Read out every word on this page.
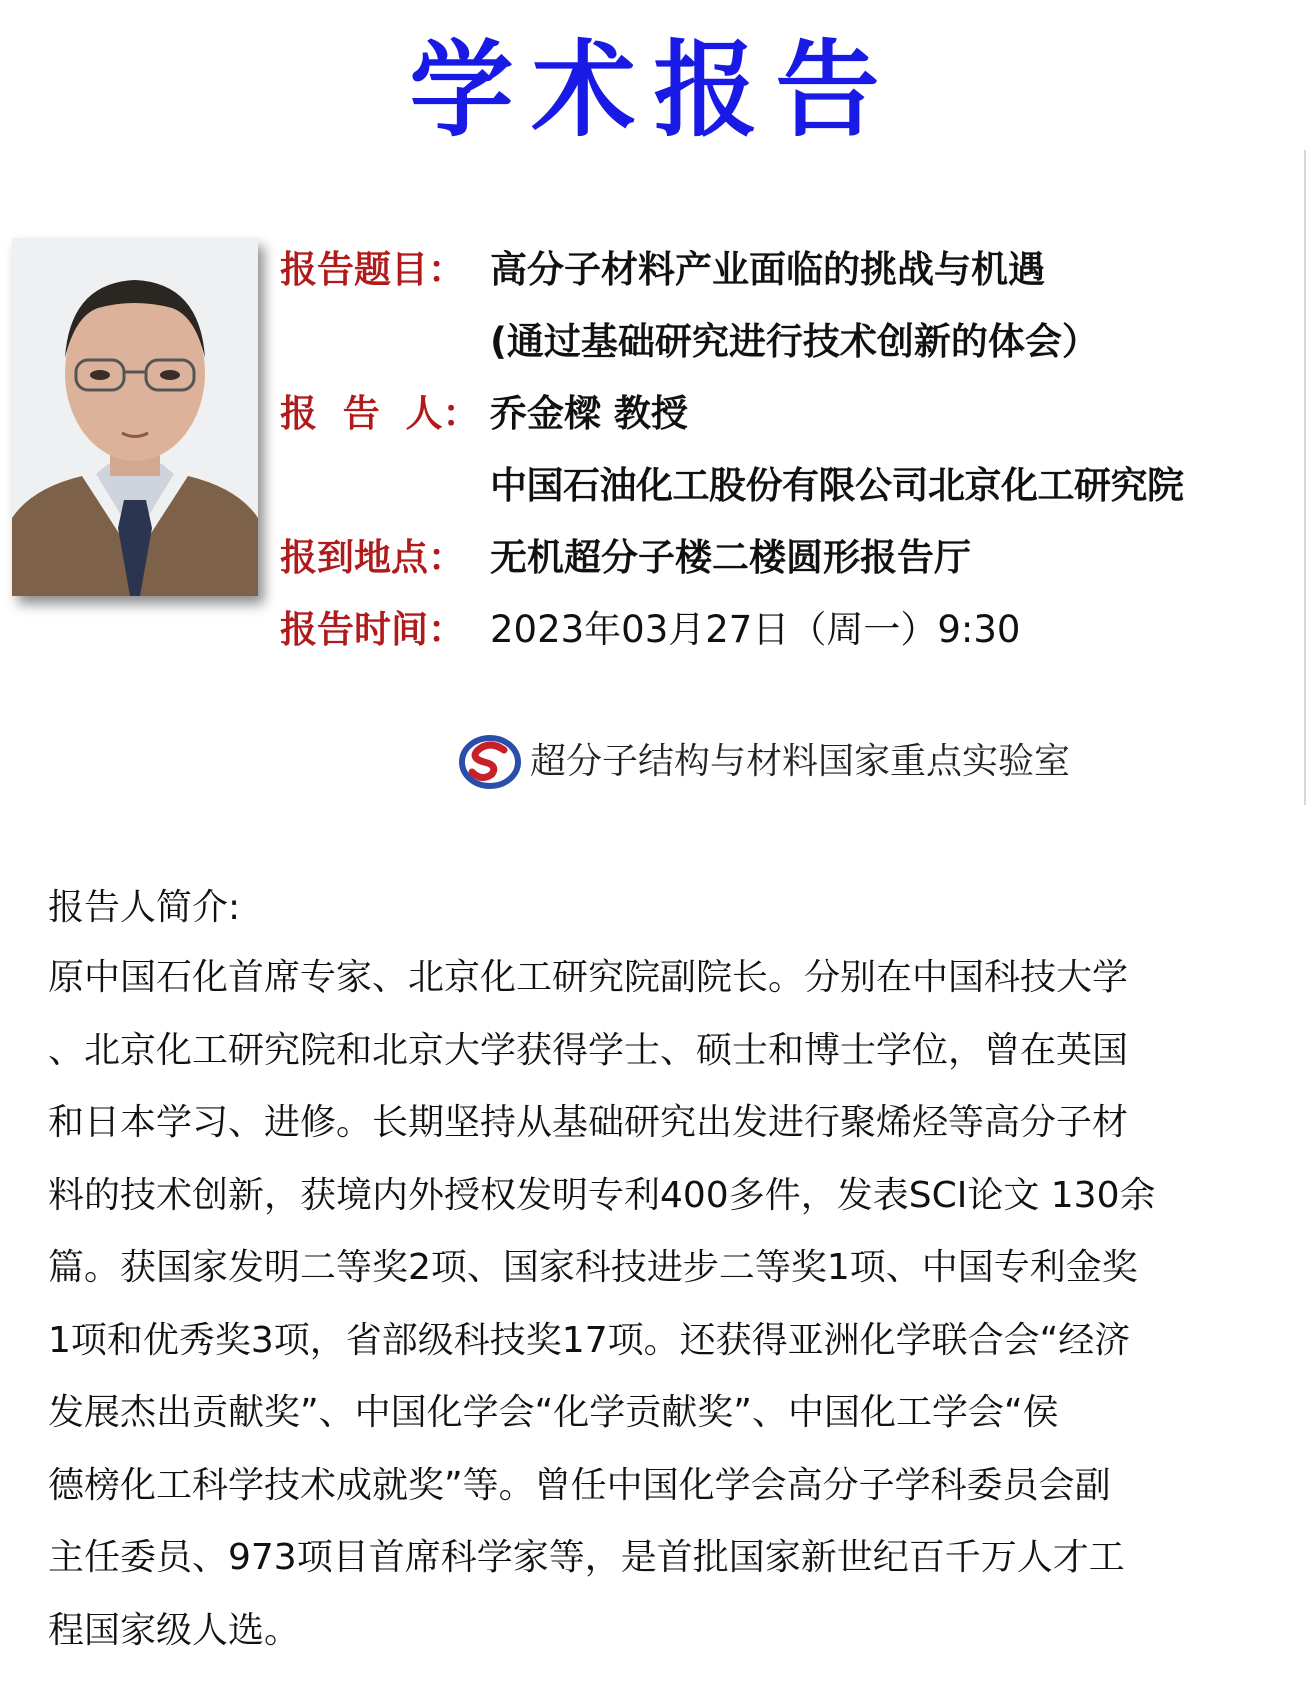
学术报告
报告题目： 高分子材料产业面临的挑战与机遇
(通过基础研究进行技术创新的体会）
报  告  人： 乔金樑 教授
中国石油化工股份有限公司北京化工研究院
报到地点： 无机超分子楼二楼圆形报告厅
报告时间： 2023年03月27日（周一）9:30
超分子结构与材料国家重点实验室
报告人简介:
原中国石化首席专家、北京化工研究院副院长。分别在中国科技大学
、北京化工研究院和北京大学获得学士、硕士和博士学位，曾在英国
和日本学习、进修。长期坚持从基础研究出发进行聚烯烃等高分子材
料的技术创新，获境内外授权发明专利400多件，发表SCI论文 130余
篇。获国家发明二等奖2项、国家科技进步二等奖1项、中国专利金奖
1项和优秀奖3项，省部级科技奖17项。还获得亚洲化学联合会“经济
发展杰出贡献奖”、中国化学会“化学贡献奖”、中国化工学会“侯
德榜化工科学技术成就奖”等。曾任中国化学会高分子学科委员会副
主任委员、973项目首席科学家等，是首批国家新世纪百千万人才工
程国家级人选。
